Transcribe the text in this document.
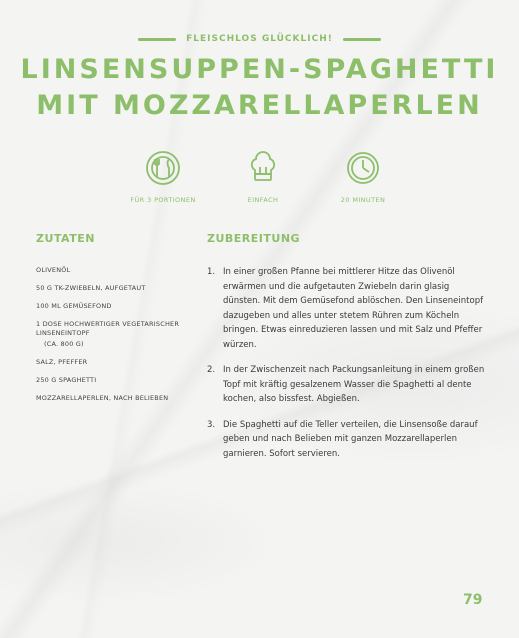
FLEISCHLOS GLÜCKLICH!
LINSENSUPPEN-SPAGHETTI
MIT MOZZARELLAPERLEN
FÜR 3 PORTIONEN	EINFACH	20 MINUTEN
ZUTATEN
OLIVENÖL
50 G TK-ZWIEBELN, AUFGETAUT
100 ML GEMÜSEFOND
1 DOSE HOCHWERTIGER VEGETARISCHER LINSENEINTOPF
(CA. 800 G)
SALZ, PFEFFER
250 G SPAGHETTI
MOZZARELLAPERLEN, NACH BELIEBEN
ZUBEREITUNG
1. In einer großen Pfanne bei mittlerer Hitze das Olivenöl erwärmen und die aufgetauten Zwiebeln darin glasig dünsten. Mit dem Gemüsefond ablöschen. Den Linseneintopf dazugeben und alles unter stetem Rühren zum Köcheln bringen. Etwas einreduzieren lassen und mit Salz und Pfeffer würzen.
2. In der Zwischenzeit nach Packungsanleitung in einem großen Topf mit kräftig gesalzenem Wasser die Spaghetti al dente kochen, also bissfest. Abgießen.
3. Die Spaghetti auf die Teller verteilen, die Linsensoße darauf geben und nach Belieben mit ganzen Mozzarellaperlen garnieren. Sofort servieren.
79
